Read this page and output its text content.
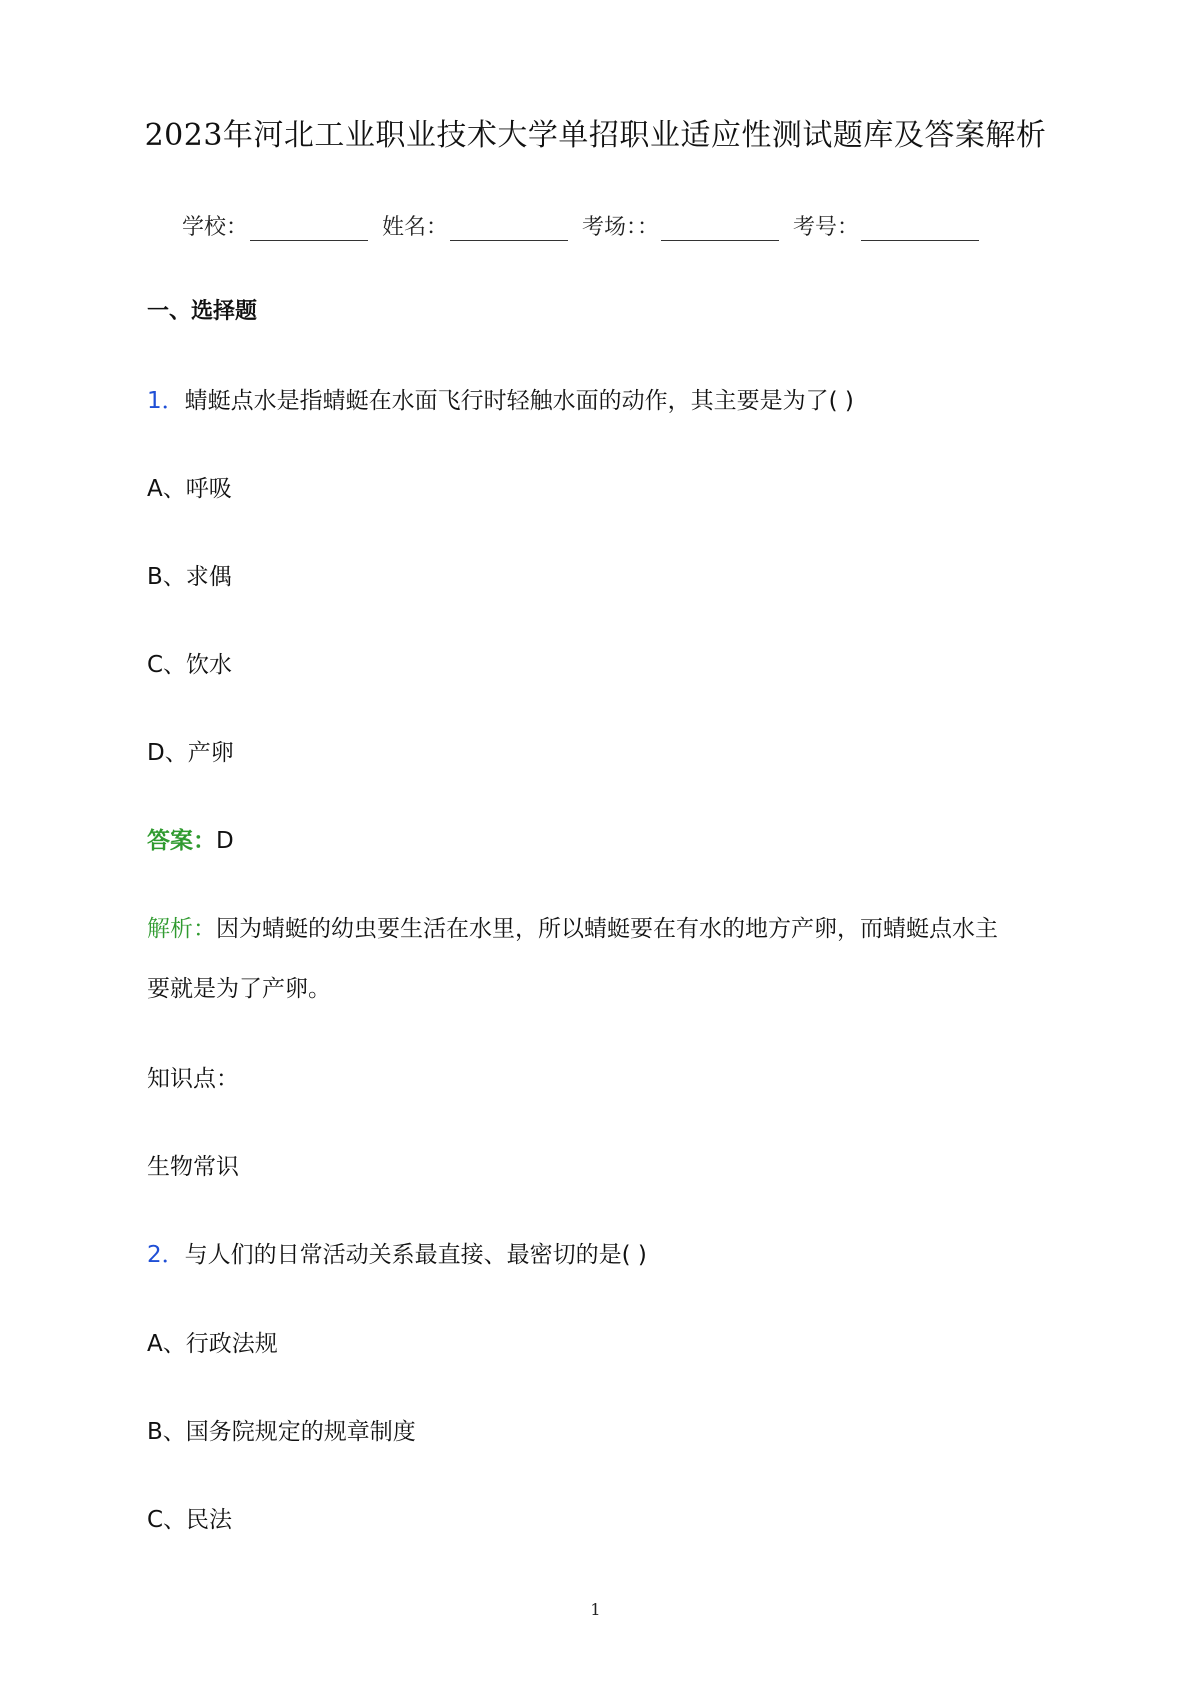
2023年河北工业职业技术大学单招职业适应性测试题库及答案解析
学校：	姓名：	考场：：	考号：
一、选择题
1．蜻蜓点水是指蜻蜓在水面飞行时轻触水面的动作，其主要是为了( )
A、呼吸
B、求偶
C、饮水
D、产卵
答案：D
解析：因为蜻蜓的幼虫要生活在水里，所以蜻蜓要在有水的地方产卵，而蜻蜓点水主
要就是为了产卵。
知识点：
生物常识
2．与人们的日常活动关系最直接、最密切的是( )
A、行政法规
B、国务院规定的规章制度
C、民法
1
